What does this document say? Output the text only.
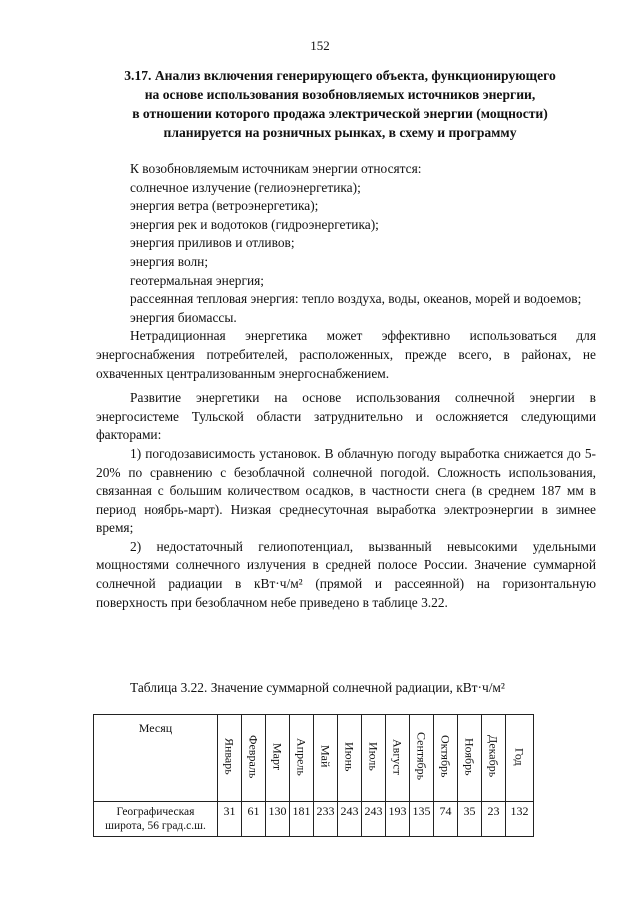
152
3.17. Анализ включения генерирующего объекта, функционирующего
на основе использования возобновляемых источников энергии,
в отношении которого продажа электрической энергии (мощности)
планируется на розничных рынках, в схему и программу

К возобновляемым источникам энергии относятся:

солнечное излучение (гелиоэнергетика);

энергия ветра (ветроэнергетика);

энергия рек и водотоков (гидроэнергетика);

энергия приливов и отливов;

энергия волн;

геотермальная энергия;

рассеянная тепловая энергия: тепло воздуха, воды, океанов, морей и водоемов;

энергия биомассы.

Нетрадиционная энергетика может эффективно использоваться для энергоснабжения потребителей, расположенных, прежде всего, в районах, не охваченных централизованным энергоснабжением.

Развитие энергетики на основе использования солнечной энергии в энергосистеме Тульской области затруднительно и осложняется следующими факторами:

1) погодозависимость установок. В облачную погоду выработка снижается до 5-20% по сравнению с безоблачной солнечной погодой. Сложность использования, связанная с большим количеством осадков, в частности снега (в среднем 187 мм в период ноябрь-март). Низкая среднесуточная выработка электроэнергии в зимнее время;

2) недостаточный гелиопотенциал, вызванный невысокими удельными мощностями солнечного излучения в средней полосе России. Значение суммарной солнечной радиации в кВт·ч/м² (прямой и рассеянной) на горизонтальную поверхность при безоблачном небе приведено в таблице 3.22.

Таблица 3.22. Значение суммарной солнечной радиации, кВт·ч/м²
Месяц	Январь	Февраль	Март	Апрель	Май	Июнь	Июль	Август	Сентябрь	Октябрь	Ноябрь	Декабрь	Год

Географическая
широта, 56 град.с.ш.	31	61	130	181	233	243	243	193	135	74	35	23	132
